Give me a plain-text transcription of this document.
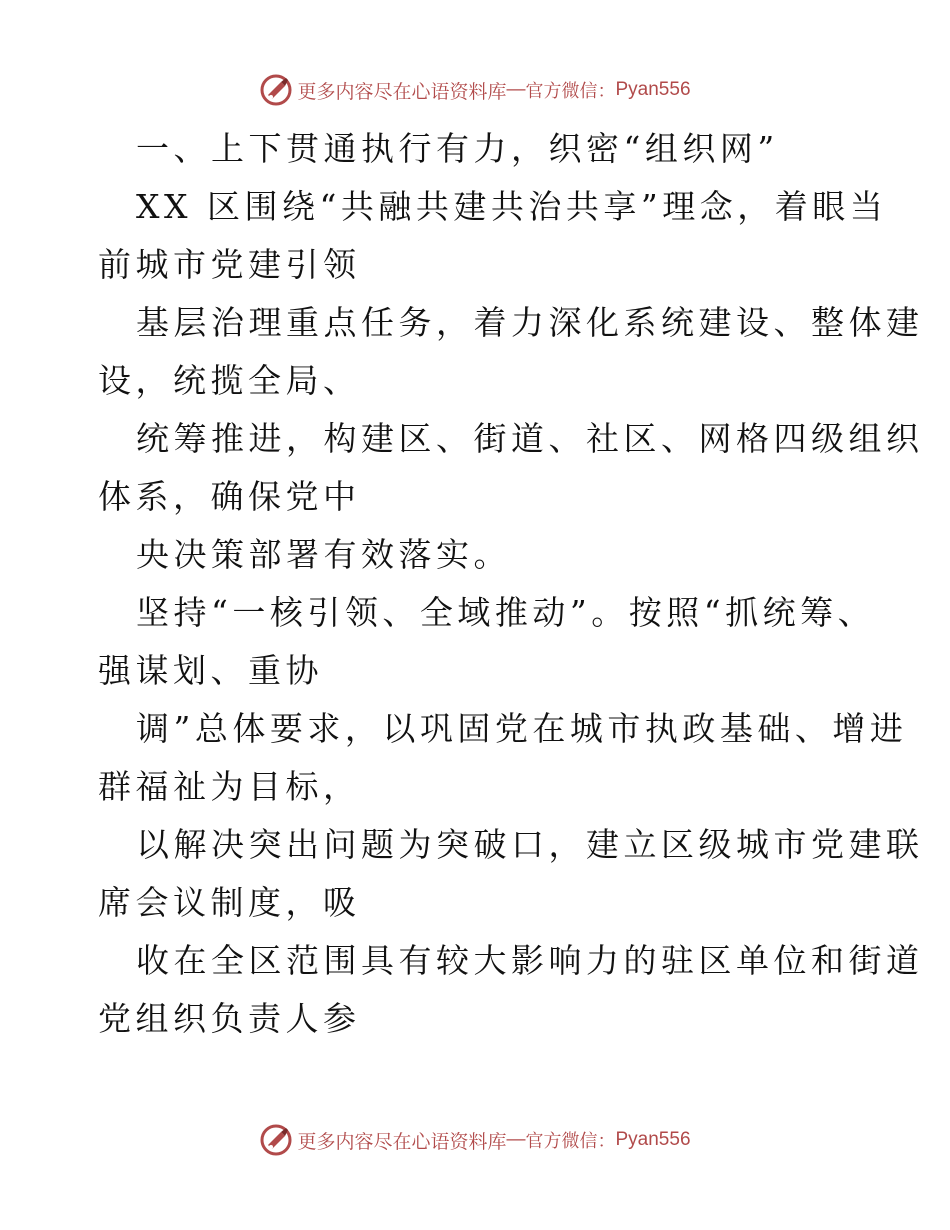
更多内容尽在心语资料库 — 官方微信： Pyan556
一、上下贯通执行有力，织密“组织网”
XX 区围绕“共融共建共治共享”理念，着眼当
前城市党建引领
基层治理重点任务，着力深化系统建设、整体建
设，统揽全局、
统筹推进，构建区、街道、社区、网格四级组织
体系，确保党中
央决策部署有效落实。
坚持“一核引领、全域推动”。按照“抓统筹、
强谋划、重协
调”总体要求，以巩固党在城市执政基础、增进
群福祉为目标，
以解决突出问题为突破口，建立区级城市党建联
席会议制度，吸
收在全区范围具有较大影响力的驻区单位和街道
党组织负责人参
更多内容尽在心语资料库 — 官方微信： Pyan556
